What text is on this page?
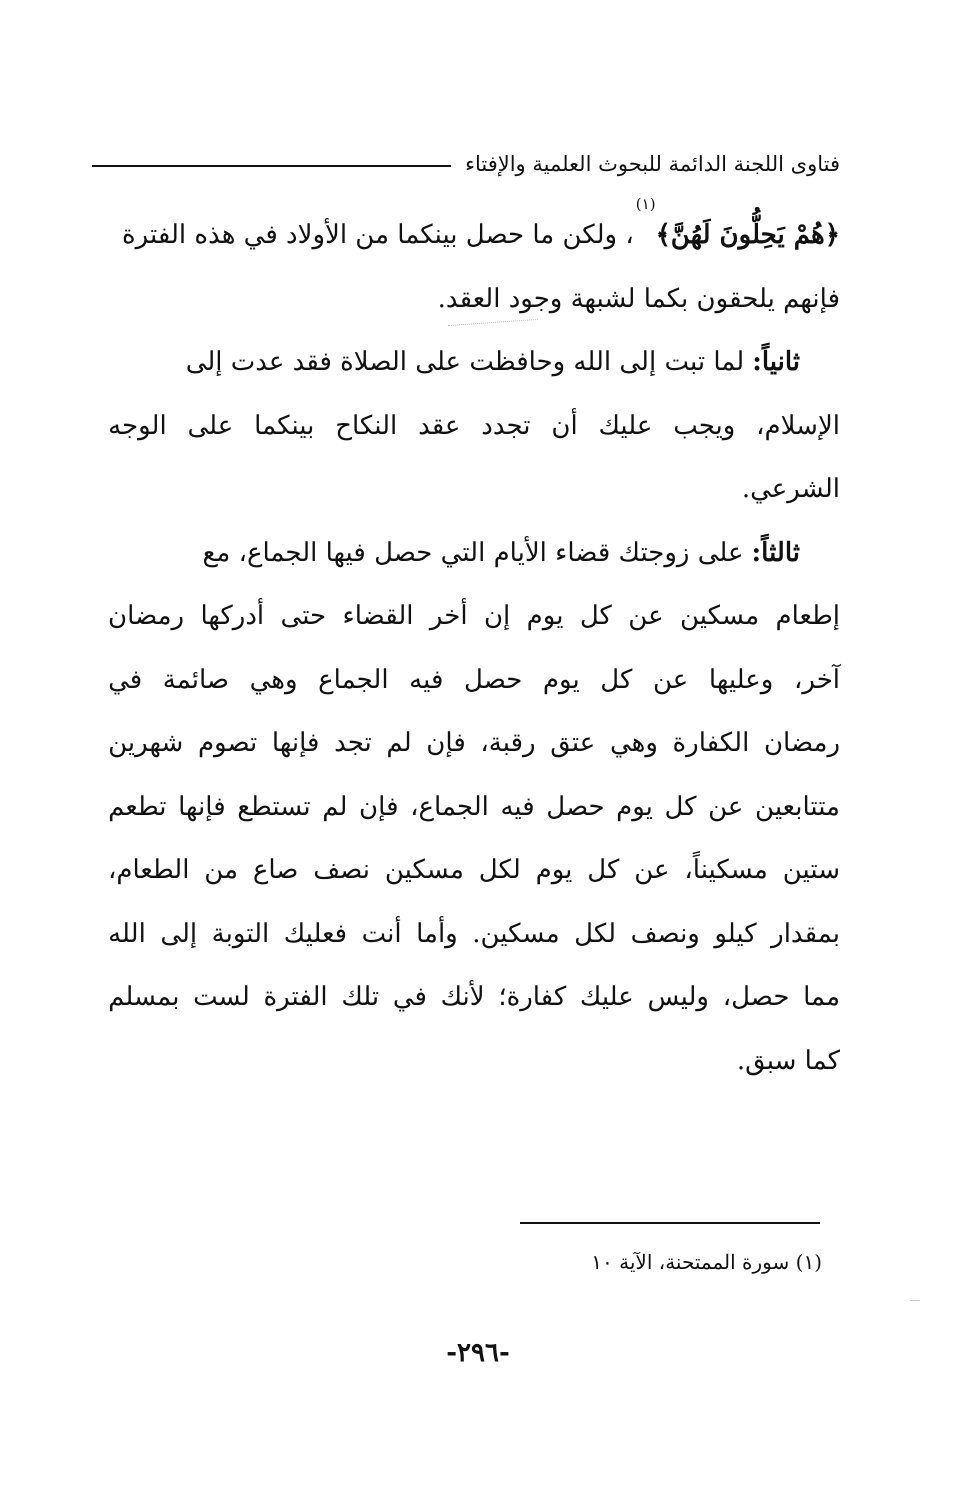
فتاوى اللجنة الدائمة للبحوث العلمية والإفتاء
﴿هُمْ يَحِلُّونَ لَهُنَّ﴾
(١)
، ولكن ما حصل بينكما من الأولاد في هذه الفترة
فإنهم يلحقون بكما لشبهة وجود العقد.
ثانياً:
لما تبت إلى الله وحافظت على الصلاة فقد عدت إلى
الإسلام،
ويجب
عليك
أن
تجدد
عقد
النكاح
بينكما
على
الوجه
الشرعي.
ثالثاً:
على زوجتك قضاء الأيام التي حصل فيها الجماع، مع
إطعام
مسكين
عن
كل
يوم
إن
أخر
القضاء
حتى
أدركها
رمضان
آخر،
وعليها
عن
كل
يوم
حصل
فيه
الجماع
وهي
صائمة
في
رمضان
الكفارة
وهي
عتق
رقبة،
فإن
لم
تجد
فإنها
تصوم
شهرين
متتابعين
عن
كل
يوم
حصل
فيه
الجماع،
فإن
لم
تستطع
فإنها
تطعم
ستين
مسكيناً،
عن
كل
يوم
لكل
مسكين
نصف
صاع
من
الطعام،
بمقدار
كيلو
ونصف
لكل
مسكين.
وأما
أنت
فعليك
التوبة
إلى
الله
مما
حصل،
وليس
عليك
كفارة؛
لأنك
في
تلك
الفترة
لست
بمسلم
كما سبق.
(١) سورة الممتحنة، الآية ١٠
-٢٩٦-
